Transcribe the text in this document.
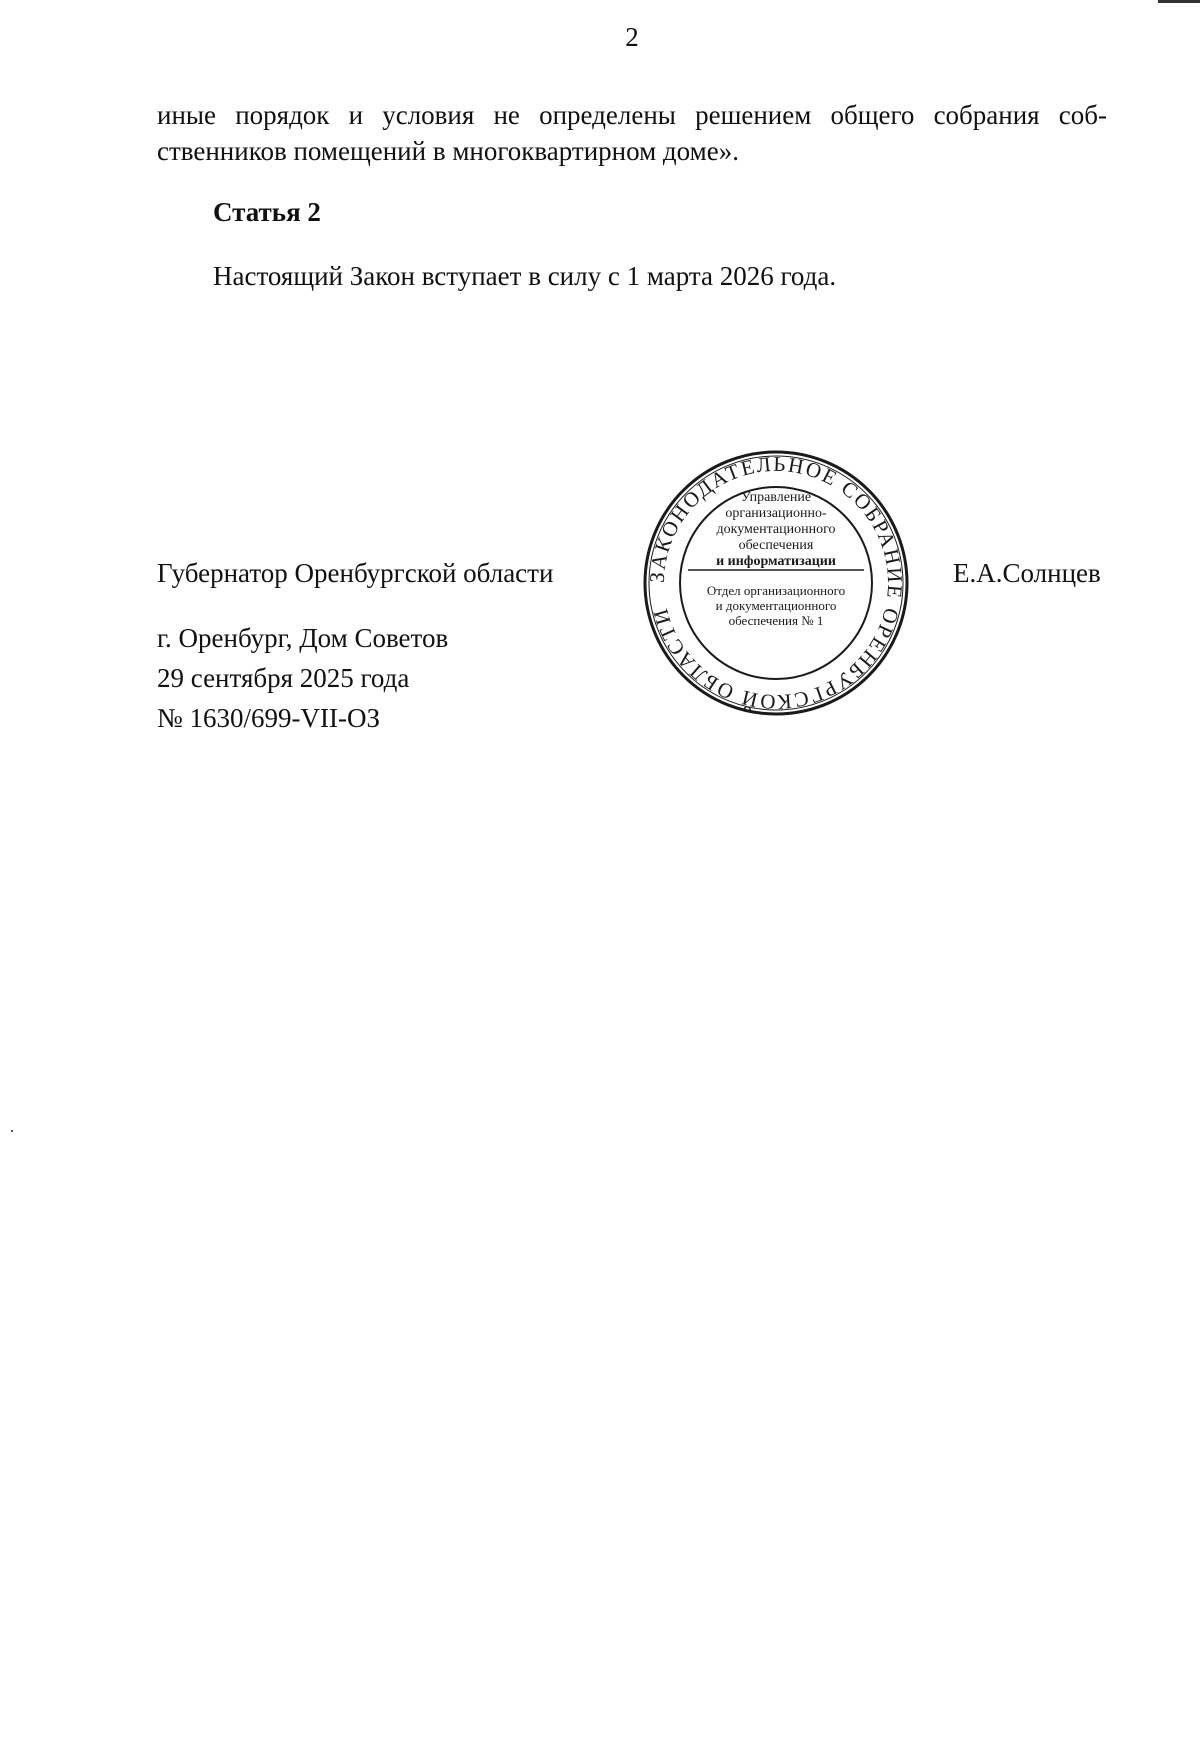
2
иные порядок и условия не определены решением общего собрания соб-
ственников помещений в многоквартирном доме».
Статья 2
Настоящий Закон вступает в силу с 1 марта 2026 года.
Губернатор Оренбургской области	Е.А.Солнцев
г. Оренбург, Дом Советов
29 сентября 2025 года
№ 1630/699-VII-ОЗ
ЗАКОНОДАТЕЛЬНОЕ СОБРАНИЕ ОРЕНБУРГСКОЙ ОБЛАСТИ
Управление
организационно-
документационного
обеспечения
и информатизации
Отдел организационного
и документационного
обеспечения № 1
